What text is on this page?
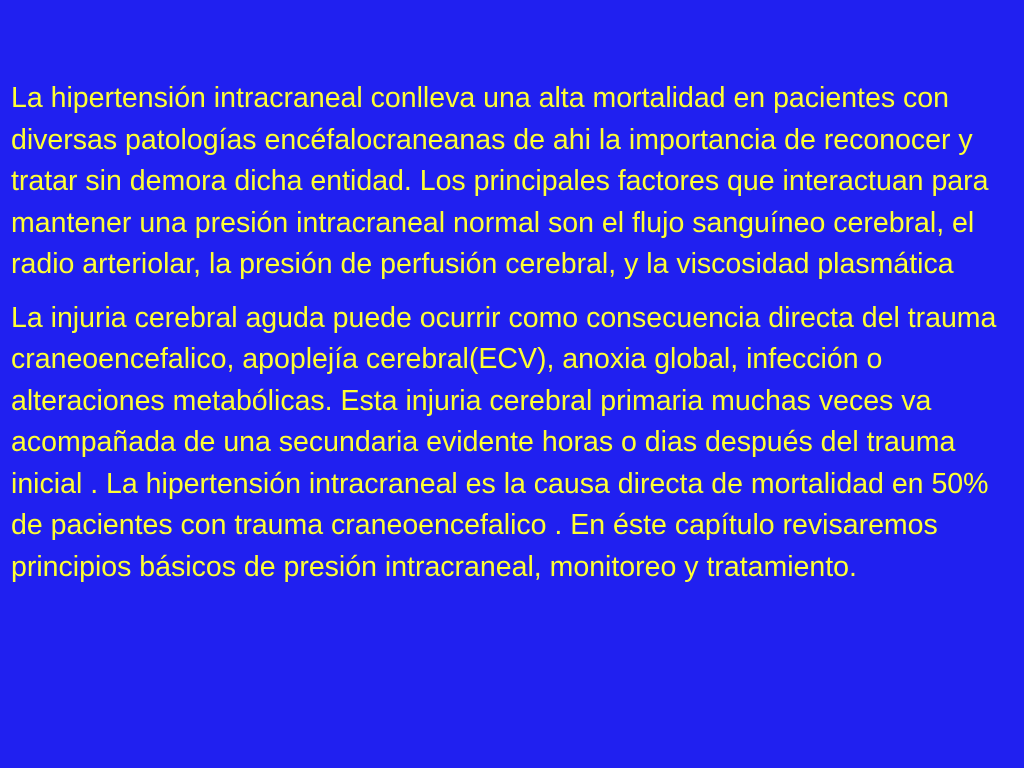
La hipertensión intracraneal conlleva una alta mortalidad en pacientes con diversas patologías encéfalocraneanas de ahi la importancia de reconocer y tratar sin demora dicha entidad. Los principales factores que interactuan para mantener una presión intracraneal normal son el flujo sanguíneo cerebral, el radio arteriolar, la presión de perfusión cerebral, y la viscosidad plasmática

La injuria cerebral aguda puede ocurrir como consecuencia directa del trauma craneoencefalico, apoplejía cerebral(ECV), anoxia global, infección o alteraciones metabólicas. Esta injuria cerebral primaria muchas veces va acompañada de una secundaria evidente horas o dias después del trauma inicial . La hipertensión intracraneal es la causa directa de mortalidad en 50% de pacientes con trauma craneoencefalico . En éste capítulo revisaremos principios básicos de presión intracraneal, monitoreo y tratamiento.
